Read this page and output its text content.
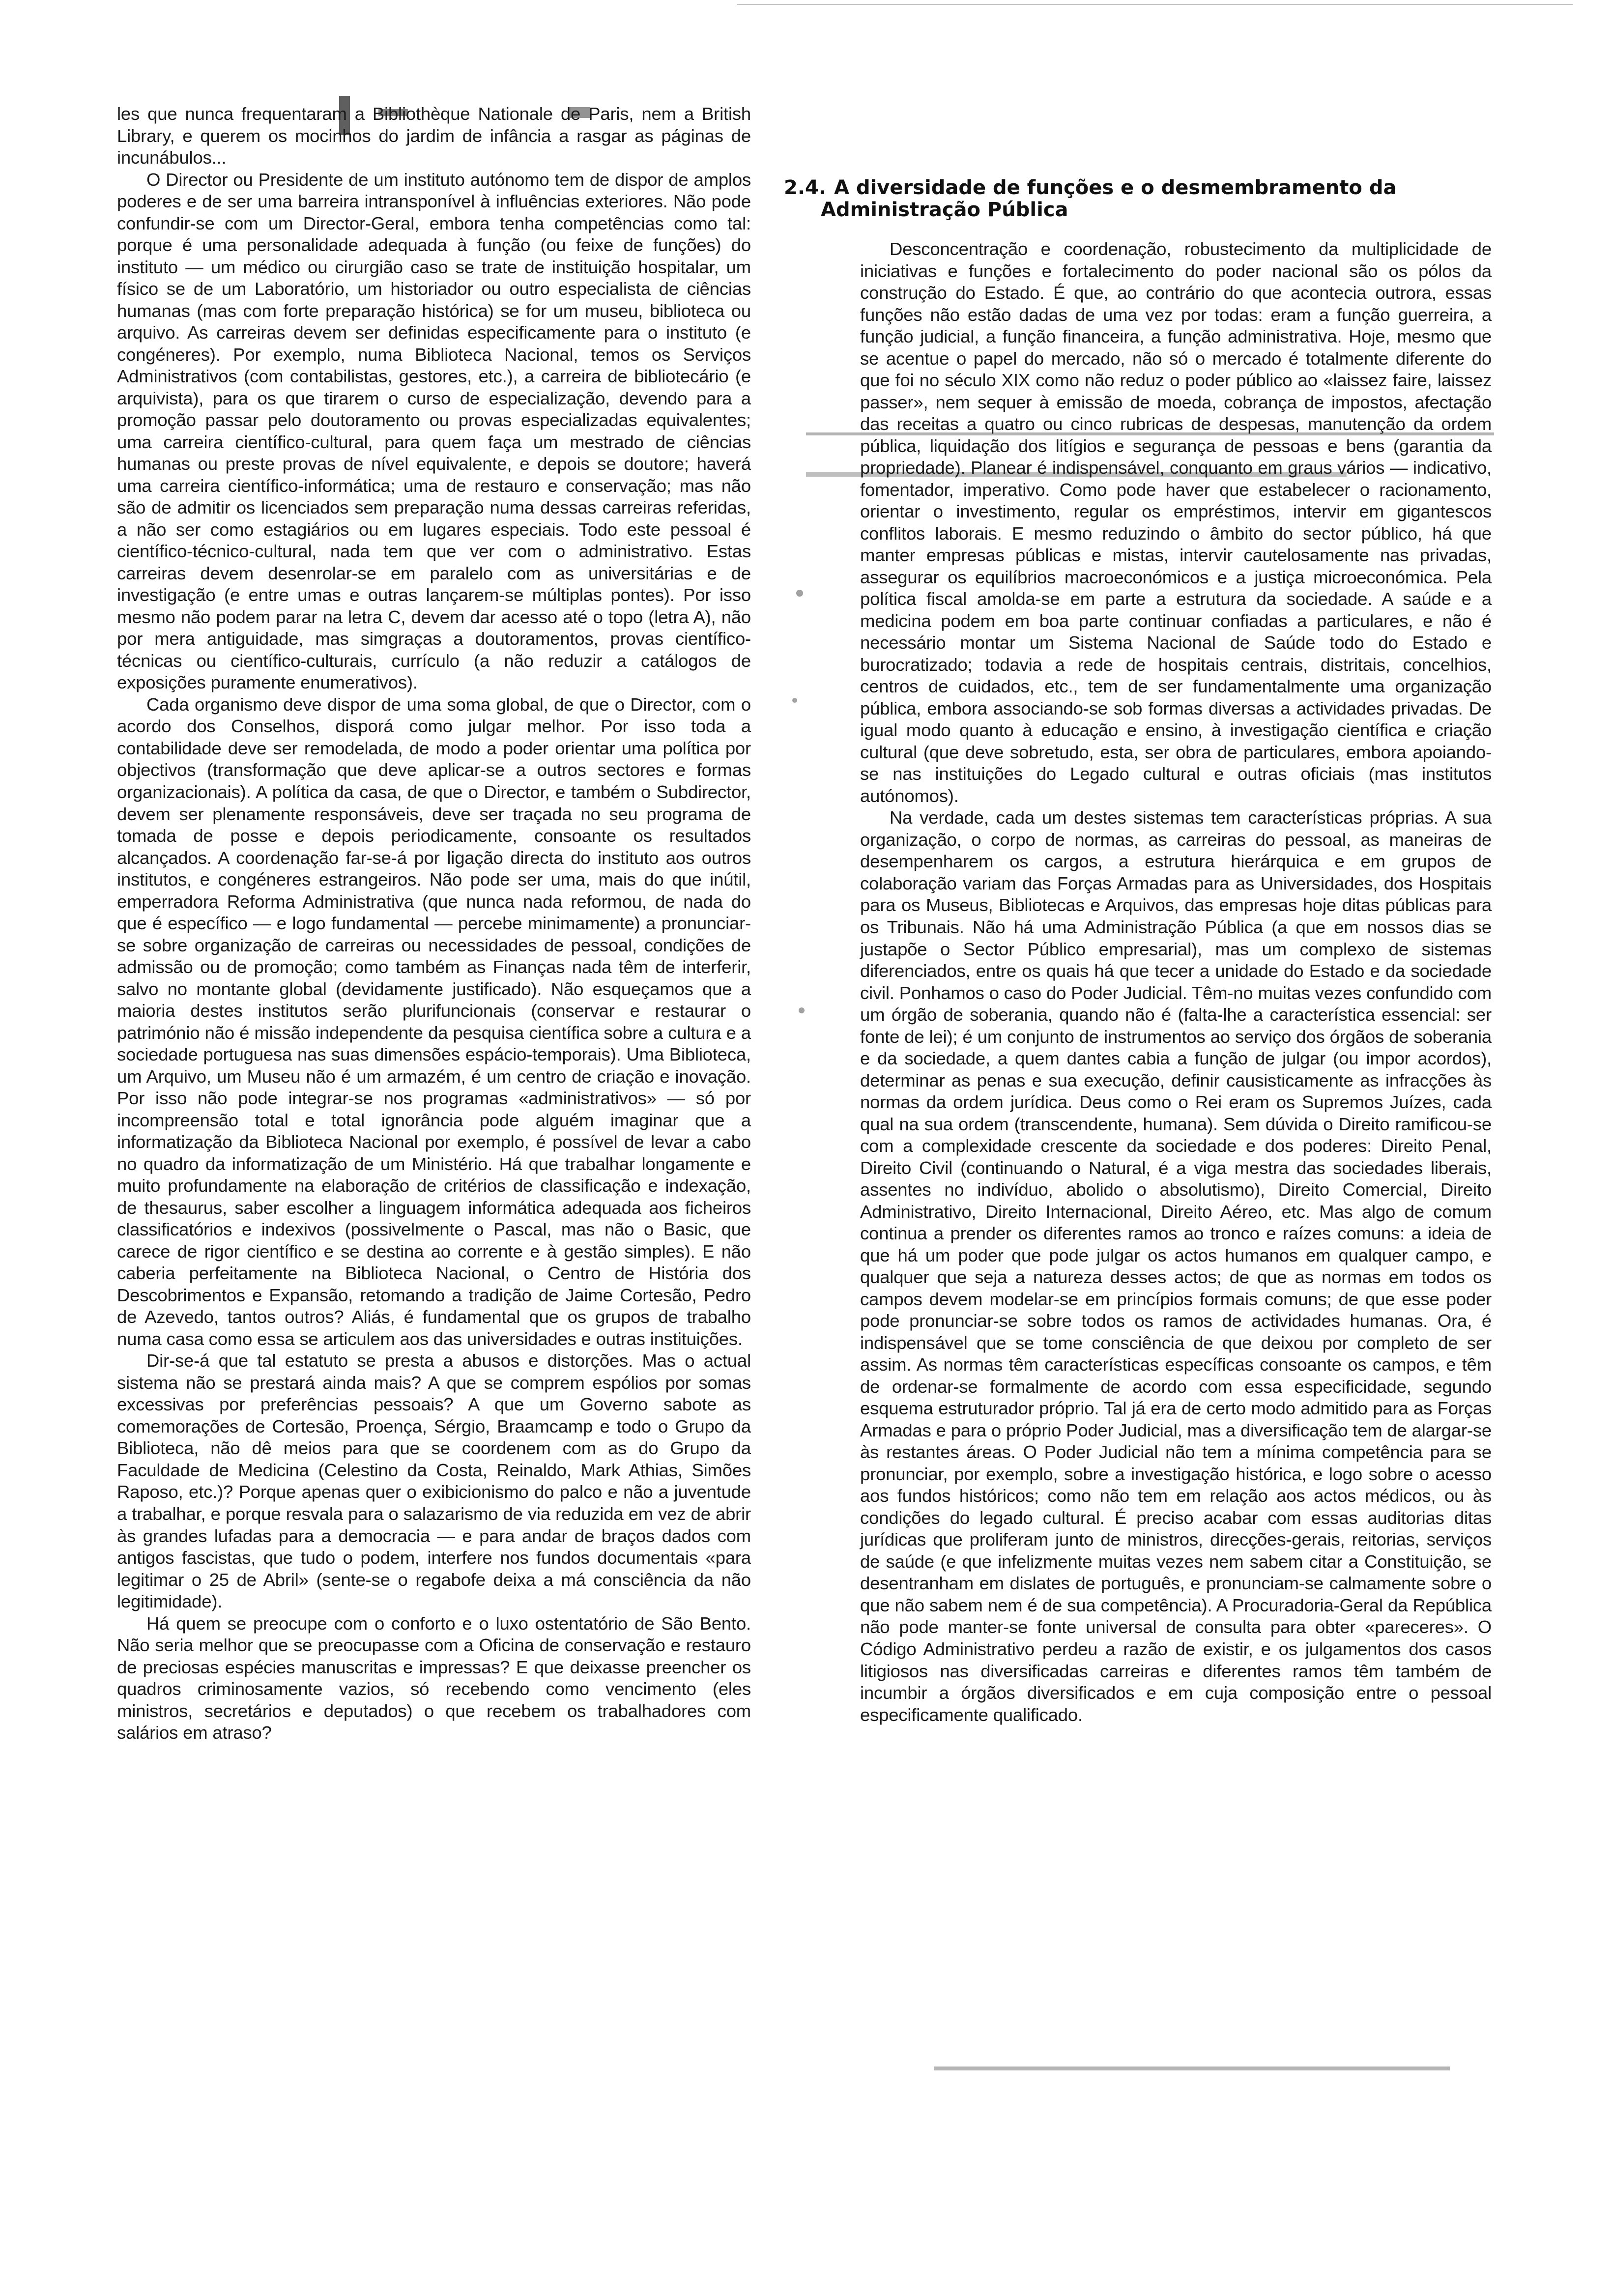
les que nunca frequentaram a Bibliothèque Nationale de Paris, nem a British Library, e querem os mocinhos do jardim de infância a rasgar as páginas de incunábulos...

O Director ou Presidente de um instituto autónomo tem de dispor de amplos poderes e de ser uma barreira intransponível à influências exteriores. Não pode confundir-se com um Director-Geral, embora tenha competências como tal: porque é uma personalidade adequada à função (ou feixe de funções) do instituto — um médico ou cirurgião caso se trate de instituição hospitalar, um físico se de um Laboratório, um historiador ou outro especialista de ciências humanas (mas com forte preparação histórica) se for um museu, biblioteca ou arquivo. As carreiras devem ser definidas especificamente para o instituto (e congéneres). Por exemplo, numa Biblioteca Nacional, temos os Serviços Administrativos (com contabilistas, gestores, etc.), a carreira de bibliotecário (e arquivista), para os que tirarem o curso de especialização, devendo para a promoção passar pelo doutoramento ou provas especializadas equivalentes; uma carreira científico-cultural, para quem faça um mestrado de ciências humanas ou preste provas de nível equivalente, e depois se doutore; haverá uma carreira científico-informática; uma de restauro e conservação; mas não são de admitir os licenciados sem preparação numa dessas carreiras referidas, a não ser como estagiários ou em lugares especiais. Todo este pessoal é científico-técnico-cultural, nada tem que ver com o administrativo. Estas carreiras devem desenrolar-se em paralelo com as universitárias e de investigação (e entre umas e outras lançarem-se múltiplas pontes). Por isso mesmo não podem parar na letra C, devem dar acesso até o topo (letra A), não por mera antiguidade, mas simgraças a doutoramentos, provas científico-técnicas ou científico-culturais, currículo (a não reduzir a catálogos de exposições puramente enumerativos).

Cada organismo deve dispor de uma soma global, de que o Director, com o acordo dos Conselhos, disporá como julgar melhor. Por isso toda a contabilidade deve ser remodelada, de modo a poder orientar uma política por objectivos (transformação que deve aplicar-se a outros sectores e formas organizacionais). A política da casa, de que o Director, e também o Subdirector, devem ser plenamente responsáveis, deve ser traçada no seu programa de tomada de posse e depois periodicamente, consoante os resultados alcançados. A coordenação far-se-á por ligação directa do instituto aos outros institutos, e congéneres estrangeiros. Não pode ser uma, mais do que inútil, emperradora Reforma Administrativa (que nunca nada reformou, de nada do que é específico — e logo fundamental — percebe minimamente) a pronunciar-se sobre organização de carreiras ou necessidades de pessoal, condições de admissão ou de promoção; como também as Finanças nada têm de interferir, salvo no montante global (devidamente justificado). Não esqueçamos que a maioria destes institutos serão plurifuncionais (conservar e restaurar o património não é missão independente da pesquisa científica sobre a cultura e a sociedade portuguesa nas suas dimensões espácio-temporais). Uma Biblioteca, um Arquivo, um Museu não é um armazém, é um centro de criação e inovação. Por isso não pode integrar-se nos programas «administrativos» — só por incompreensão total e total ignorância pode alguém imaginar que a informatização da Biblioteca Nacional por exemplo, é possível de levar a cabo no quadro da informatização de um Ministério. Há que trabalhar longamente e muito profundamente na elaboração de critérios de classificação e indexação, de thesaurus, saber escolher a linguagem informática adequada aos ficheiros classificatórios e indexivos (possivelmente o Pascal, mas não o Basic, que carece de rigor científico e se destina ao corrente e à gestão simples). E não caberia perfeitamente na Biblioteca Nacional, o Centro de História dos Descobrimentos e Expansão, retomando a tradição de Jaime Cortesão, Pedro de Azevedo, tantos outros? Aliás, é fundamental que os grupos de trabalho numa casa como essa se articulem aos das universidades e outras instituições.

Dir-se-á que tal estatuto se presta a abusos e distorções. Mas o actual sistema não se prestará ainda mais? A que se comprem espólios por somas excessivas por preferências pessoais? A que um Governo sabote as comemorações de Cortesão, Proença, Sérgio, Braamcamp e todo o Grupo da Biblioteca, não dê meios para que se coordenem com as do Grupo da Faculdade de Medicina (Celestino da Costa, Reinaldo, Mark Athias, Simões Raposo, etc.)? Porque apenas quer o exibicionismo do palco e não a juventude a trabalhar, e porque resvala para o salazarismo de via reduzida em vez de abrir às grandes lufadas para a democracia — e para andar de braços dados com antigos fascistas, que tudo o podem, interfere nos fundos documentais «para legitimar o 25 de Abril» (sente-se o regabofe deixa a má consciência da não legitimidade).

Há quem se preocupe com o conforto e o luxo ostentatório de São Bento. Não seria melhor que se preocupasse com a Oficina de conservação e restauro de preciosas espécies manuscritas e impressas? E que deixasse preencher os quadros criminosamente vazios, só recebendo como vencimento (eles ministros, secretários e deputados) o que recebem os trabalhadores com salários em atraso?

2.4. A diversidade de funções e o desmembramento da
Administração Pública

Desconcentração e coordenação, robustecimento da multiplicidade de iniciativas e funções e fortalecimento do poder nacional são os pólos da construção do Estado. É que, ao contrário do que acontecia outrora, essas funções não estão dadas de uma vez por todas: eram a função guerreira, a função judicial, a função financeira, a função administrativa. Hoje, mesmo que se acentue o papel do mercado, não só o mercado é totalmente diferente do que foi no século XIX como não reduz o poder público ao «laissez faire, laissez passer», nem sequer à emissão de moeda, cobrança de impostos, afectação das receitas a quatro ou cinco rubricas de despesas, manutenção da ordem pública, liquidação dos litígios e segurança de pessoas e bens (garantia da propriedade). Planear é indispensável, conquanto em graus vários — indicativo, fomentador, imperativo. Como pode haver que estabelecer o racionamento, orientar o investimento, regular os empréstimos, intervir em gigantescos conflitos laborais. E mesmo reduzindo o âmbito do sector público, há que manter empresas públicas e mistas, intervir cautelosamente nas privadas, assegurar os equilíbrios macroeconómicos e a justiça microeconómica. Pela política fiscal amolda-se em parte a estrutura da sociedade. A saúde e a medicina podem em boa parte continuar confiadas a particulares, e não é necessário montar um Sistema Nacional de Saúde todo do Estado e burocratizado; todavia a rede de hospitais centrais, distritais, concelhios, centros de cuidados, etc., tem de ser fundamentalmente uma organização pública, embora associando-se sob formas diversas a actividades privadas. De igual modo quanto à educação e ensino, à investigação científica e criação cultural (que deve sobretudo, esta, ser obra de particulares, embora apoiando-se nas instituições do Legado cultural e outras oficiais (mas institutos autónomos).

Na verdade, cada um destes sistemas tem características próprias. A sua organização, o corpo de normas, as carreiras do pessoal, as maneiras de desempenharem os cargos, a estrutura hierárquica e em grupos de colaboração variam das Forças Armadas para as Universidades, dos Hospitais para os Museus, Bibliotecas e Arquivos, das empresas hoje ditas públicas para os Tribunais. Não há uma Administração Pública (a que em nossos dias se justapõe o Sector Público empresarial), mas um complexo de sistemas diferenciados, entre os quais há que tecer a unidade do Estado e da sociedade civil. Ponhamos o caso do Poder Judicial. Têm-no muitas vezes confundido com um órgão de soberania, quando não é (falta-lhe a característica essencial: ser fonte de lei); é um conjunto de instrumentos ao serviço dos órgãos de soberania e da sociedade, a quem dantes cabia a função de julgar (ou impor acordos), determinar as penas e sua execução, definir causisticamente as infracções às normas da ordem jurídica. Deus como o Rei eram os Supremos Juízes, cada qual na sua ordem (transcendente, humana). Sem dúvida o Direito ramificou-se com a complexidade crescente da sociedade e dos poderes: Direito Penal, Direito Civil (continuando o Natural, é a viga mestra das sociedades liberais, assentes no indivíduo, abolido o absolutismo), Direito Comercial, Direito Administrativo, Direito Internacional, Direito Aéreo, etc. Mas algo de comum continua a prender os diferentes ramos ao tronco e raízes comuns: a ideia de que há um poder que pode julgar os actos humanos em qualquer campo, e qualquer que seja a natureza desses actos; de que as normas em todos os campos devem modelar-se em princípios formais comuns; de que esse poder pode pronunciar-se sobre todos os ramos de actividades humanas. Ora, é indispensável que se tome consciência de que deixou por completo de ser assim. As normas têm características específicas consoante os campos, e têm de ordenar-se formalmente de acordo com essa especificidade, segundo esquema estruturador próprio. Tal já era de certo modo admitido para as Forças Armadas e para o próprio Poder Judicial, mas a diversificação tem de alargar-se às restantes áreas. O Poder Judicial não tem a mínima competência para se pronunciar, por exemplo, sobre a investigação histórica, e logo sobre o acesso aos fundos históricos; como não tem em relação aos actos médicos, ou às condições do legado cultural. É preciso acabar com essas auditorias ditas jurídicas que proliferam junto de ministros, direcções-gerais, reitorias, serviços de saúde (e que infelizmente muitas vezes nem sabem citar a Constituição, se desentranham em dislates de português, e pronunciam-se calmamente sobre o que não sabem nem é de sua competência). A Procuradoria-Geral da República não pode manter-se fonte universal de consulta para obter «pareceres». O Código Administrativo perdeu a razão de existir, e os julgamentos dos casos litigiosos nas diversificadas carreiras e diferentes ramos têm também de incumbir a órgãos diversificados e em cuja composição entre o pessoal especificamente qualificado.
